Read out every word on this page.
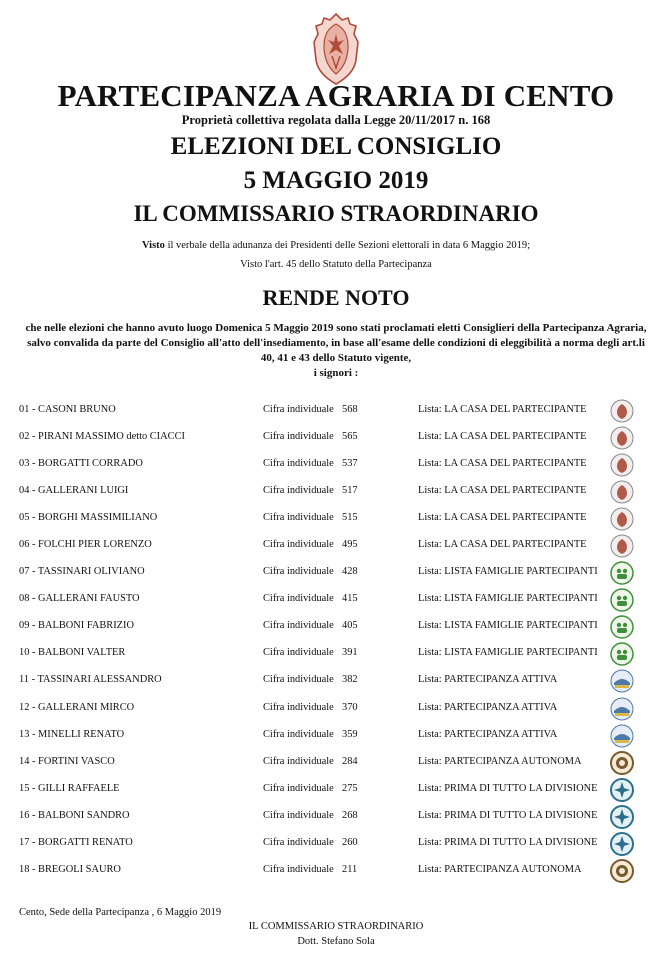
PARTECIPANZA AGRARIA DI CENTO
Proprietà collettiva regolata dalla Legge 20/11/2017 n. 168
ELEZIONI DEL CONSIGLIO
5 MAGGIO 2019
IL COMMISSARIO STRAORDINARIO
Visto il verbale della adunanza dei Presidenti delle Sezioni elettorali in data 6 Maggio 2019;
Visto l'art. 45 dello Statuto della Partecipanza
RENDE NOTO
che nelle elezioni che hanno avuto luogo Domenica 5 Maggio 2019 sono stati proclamati eletti Consiglieri della Partecipanza Agraria, salvo convalida da parte del Consiglio all'atto dell'insediamento, in base all'esame delle condizioni di eleggibilità a norma degli art.li 40, 41 e 43 dello Statuto vigente,
i signori :
01 - CASONI BRUNO	Cifra individuale 568	Lista: LA CASA DEL PARTECIPANTE
02 - PIRANI MASSIMO detto CIACCI	Cifra individuale 565	Lista: LA CASA DEL PARTECIPANTE
03 - BORGATTI CORRADO	Cifra individuale 537	Lista: LA CASA DEL PARTECIPANTE
04 - GALLERANI LUIGI	Cifra individuale 517	Lista: LA CASA DEL PARTECIPANTE
05 - BORGHI MASSIMILIANO	Cifra individuale 515	Lista: LA CASA DEL PARTECIPANTE
06 - FOLCHI PIER LORENZO	Cifra individuale 495	Lista: LA CASA DEL PARTECIPANTE
07 - TASSINARI OLIVIANO	Cifra individuale 428	Lista: LISTA FAMIGLIE PARTECIPANTI
08 - GALLERANI FAUSTO	Cifra individuale 415	Lista: LISTA FAMIGLIE PARTECIPANTI
09 - BALBONI FABRIZIO	Cifra individuale 405	Lista: LISTA FAMIGLIE PARTECIPANTI
10 - BALBONI VALTER	Cifra individuale 391	Lista: LISTA FAMIGLIE PARTECIPANTI
11 - TASSINARI ALESSANDRO	Cifra individuale 382	Lista: PARTECIPANZA ATTIVA
12 - GALLERANI MIRCO	Cifra individuale 370	Lista: PARTECIPANZA ATTIVA
13 - MINELLI RENATO	Cifra individuale 359	Lista: PARTECIPANZA ATTIVA
14 - FORTINI VASCO	Cifra individuale 284	Lista: PARTECIPANZA AUTONOMA
15 - GILLI RAFFAELE	Cifra individuale 275	Lista: PRIMA DI TUTTO LA DIVISIONE
16 - BALBONI SANDRO	Cifra individuale 268	Lista: PRIMA DI TUTTO LA DIVISIONE
17 - BORGATTI RENATO	Cifra individuale 260	Lista: PRIMA DI TUTTO LA DIVISIONE
18 - BREGOLI SAURO	Cifra individuale 211	Lista: PARTECIPANZA AUTONOMA
Cento, Sede della Partecipanza , 6 Maggio 2019
IL COMMISSARIO STRAORDINARIO
Dott. Stefano Sola
